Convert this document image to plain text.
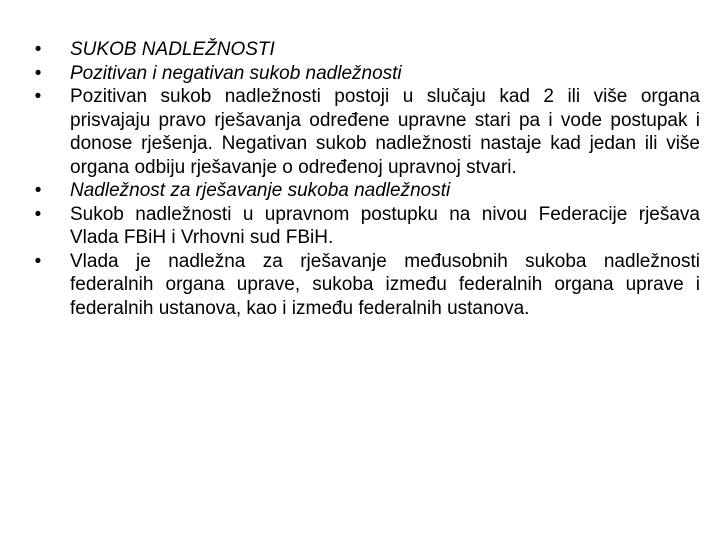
•	SUKOB NADLEŽNOSTI
•	Pozitivan i negativan sukob nadležnosti
•	Pozitivan sukob nadležnosti postoji u slučaju kad 2 ili više organa prisvajaju pravo rješavanja određene upravne stari pa i vode postupak i donose rješenja. Negativan sukob nadležnosti nastaje kad jedan ili više organa odbiju rješavanje o određenoj upravnoj stvari.
•	Nadležnost za rješavanje sukoba nadležnosti
•	Sukob nadležnosti u upravnom postupku na nivou Federacije rješava Vlada FBiH i Vrhovni sud FBiH.
•	Vlada je nadležna za rješavanje međusobnih sukoba nadležnosti federalnih organa uprave, sukoba između federalnih organa uprave i federalnih ustanova, kao i između federalnih ustanova.
